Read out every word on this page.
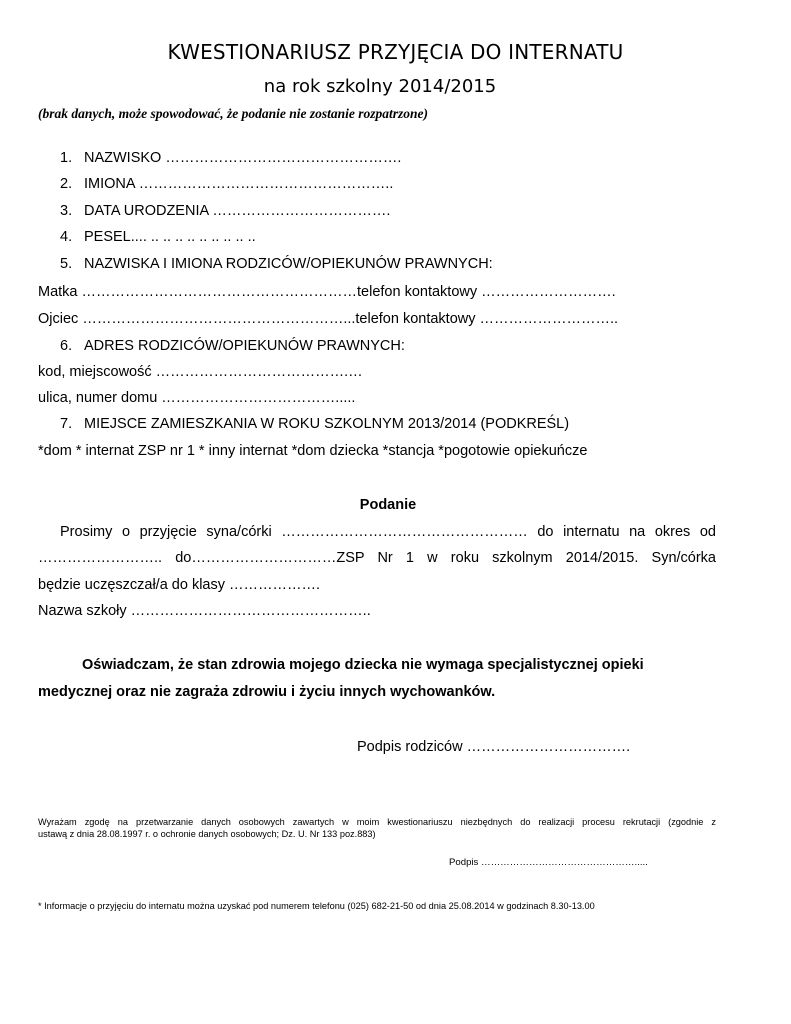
KWESTIONARIUSZ PRZYJĘCIA DO INTERNATU
na rok szkolny 2014/2015
(brak danych, może spowodować, że podanie nie zostanie rozpatrzone)
1. NAZWISKO ………………………………………….
2. IMIONA ……………………………………………..
3. DATA URODZENIA ……………………………….
4. PESEL.... .. .. .. .. .. .. .. .. ..
5. NAZWISKA I IMIONA RODZICÓW/OPIEKUNÓW PRAWNYCH:
Matka …………………………………………………telefon kontaktowy ……………………….
Ojciec ………………………………………………...telefon kontaktowy ………………………..
6. ADRES RODZICÓW/OPIEKUNÓW PRAWNYCH:
kod, miejscowość ………………………………….…
ulica, numer domu ……………………………….....
7. MIEJSCE ZAMIESZKANIA W ROKU SZKOLNYM 2013/2014 (PODKREŚL)
*dom * internat ZSP nr 1 * inny internat *dom dziecka *stancja *pogotowie opiekuńcze
Podanie
Prosimy o przyjęcie syna/córki …………………………………………… do internatu na okres od
…………………….. do…………………………ZSP Nr 1 w roku szkolnym 2014/2015. Syn/córka
będzie uczęszczał/a do klasy ……………….
Nazwa szkoły …………………………………………..
Oświadczam, że stan zdrowia mojego dziecka nie wymaga specjalistycznej opieki
medycznej oraz nie zagraża zdrowiu i życiu innych wychowanków.
Podpis rodziców …………………………….
Wyrażam zgodę na przetwarzanie danych osobowych zawartych w moim kwestionariuszu niezbędnych do realizacji procesu rekrutacji (zgodnie z
ustawą z dnia 28.08.1997 r. o ochronie danych osobowych; Dz. U. Nr 133 poz.883)
Podpis ………………………………………….....
* Informacje o przyjęciu do internatu można uzyskać pod numerem telefonu (025) 682-21-50 od dnia 25.08.2014 w godzinach 8.30-13.00
